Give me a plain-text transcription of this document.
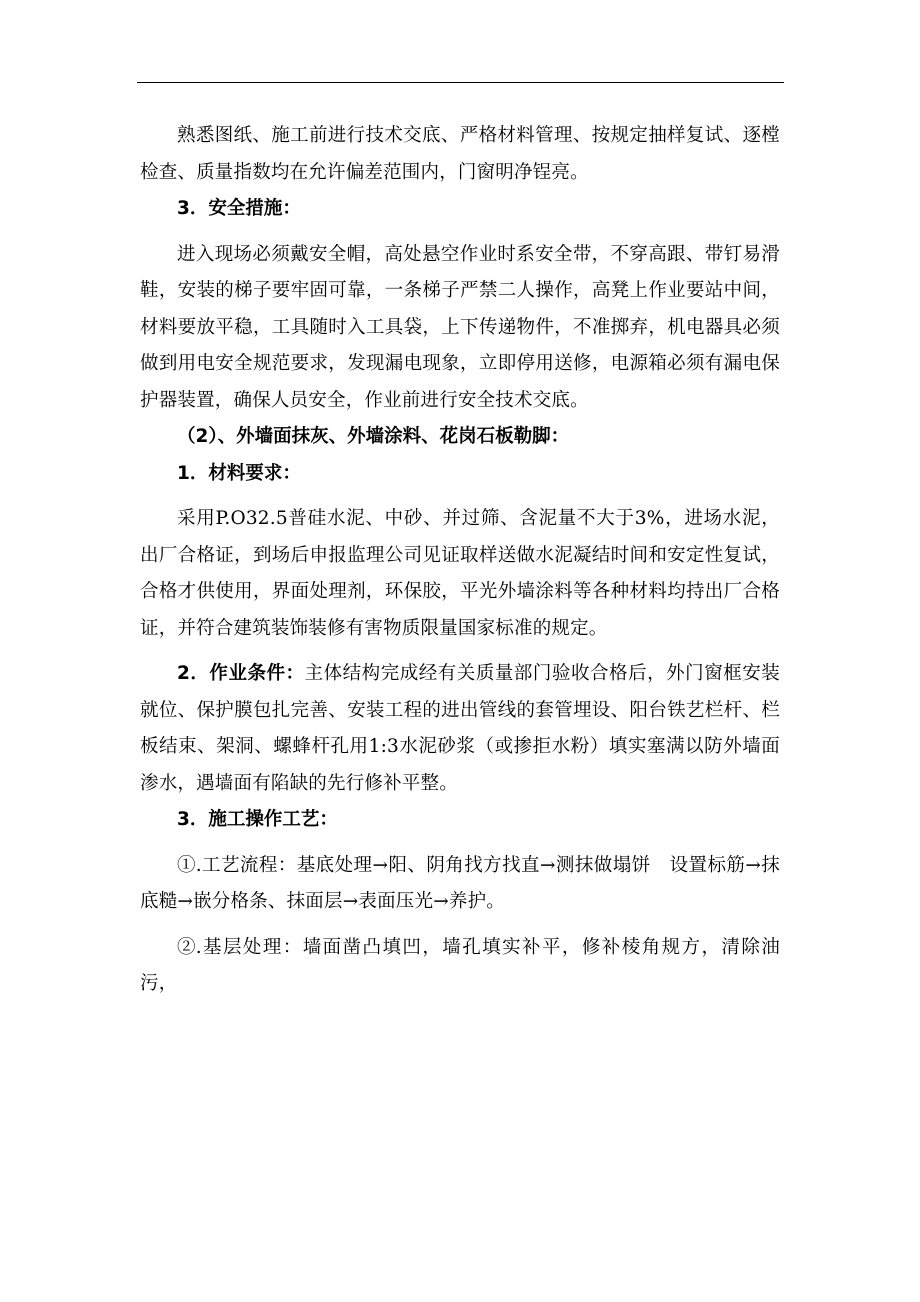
熟悉图纸、施工前进行技术交底、严格材料管理、按规定抽样复试、逐樘检查、质量指数均在允许偏差范围内，门窗明净锃亮。

3．安全措施：

进入现场必须戴安全帽，高处悬空作业时系安全带，不穿高跟、带钉易滑鞋，安装的梯子要牢固可靠，一条梯子严禁二人操作，高凳上作业要站中间，材料要放平稳，工具随时入工具袋，上下传递物件，不准掷弃，机电器具必须做到用电安全规范要求，发现漏电现象，立即停用送修，电源箱必须有漏电保护器装置，确保人员安全，作业前进行安全技术交底。

（2）、外墙面抹灰、外墙涂料、花岗石板勒脚：

1．材料要求：

采用P.O32.5普硅水泥、中砂、并过筛、含泥量不大于3%，进场水泥，出厂合格证，到场后申报监理公司见证取样送做水泥凝结时间和安定性复试，合格才供使用，界面处理剂，环保胶，平光外墙涂料等各种材料均持出厂合格证，并符合建筑装饰装修有害物质限量国家标准的规定。

2．作业条件：主体结构完成经有关质量部门验收合格后，外门窗框安装就位、保护膜包扎完善、安装工程的进出管线的套管埋设、阳台铁艺栏杆、栏板结束、架洞、螺蜂杆孔用1:3水泥砂浆（或掺拒水粉）填实塞满以防外墙面渗水，遇墙面有陷缺的先行修补平整。

3．施工操作工艺：

➀.工艺流程：基底处理→阳、阴角找方找直→测抹做塌饼　设置标筋→抹底糙→嵌分格条、抹面层→表面压光→养护。

➁.基层处理：墙面凿凸填凹，墙孔填实补平，修补棱角规方，清除油污，
